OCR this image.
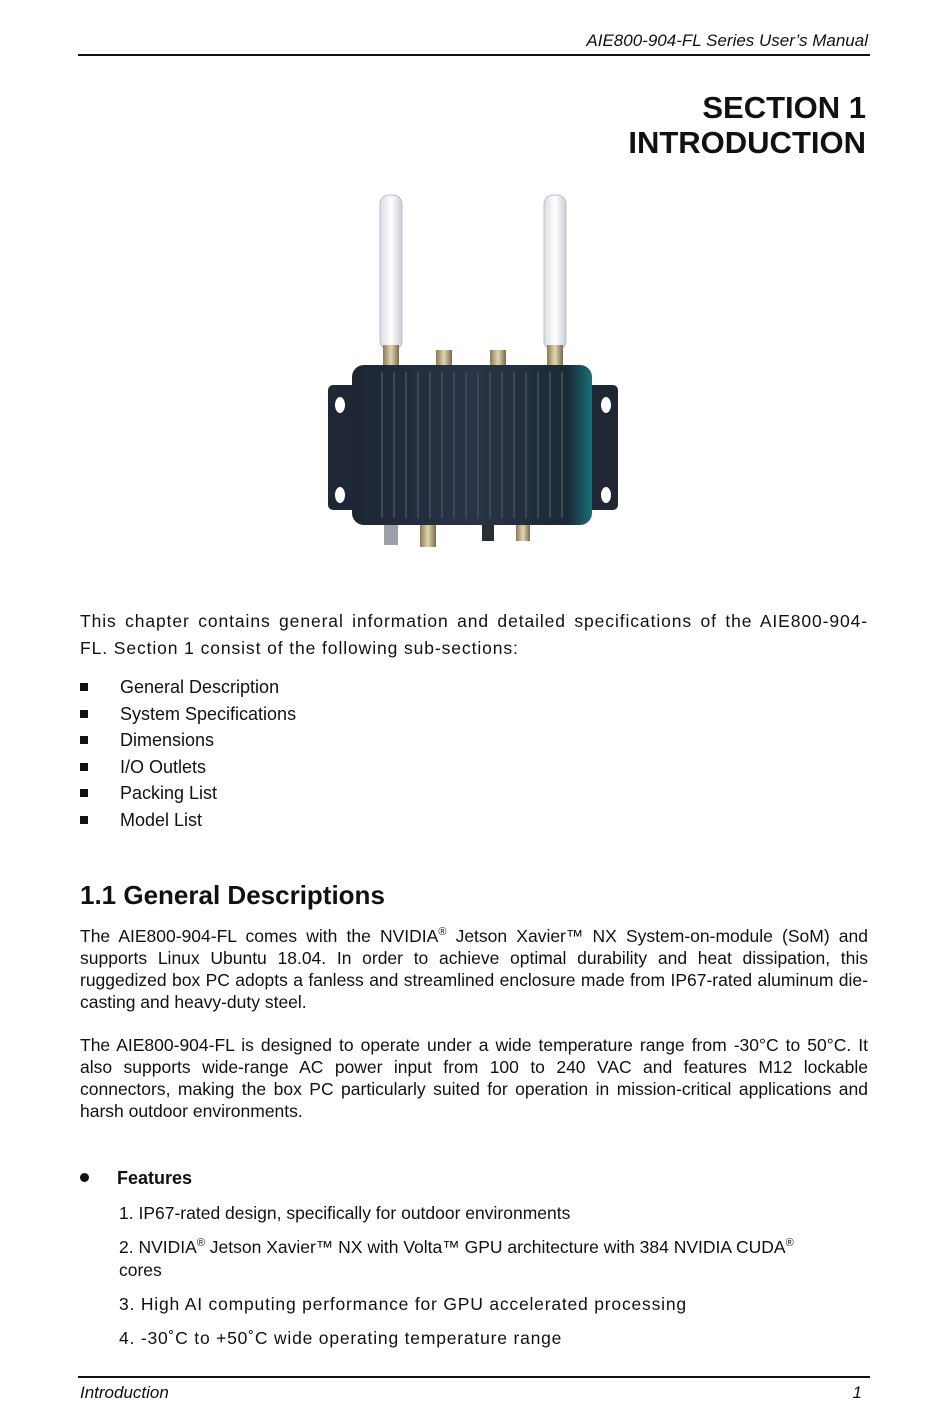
AIE800-904-FL Series User’s Manual
SECTION 1
INTRODUCTION
This chapter contains general information and detailed specifications of the AIE800-904-FL. Section 1 consist of the following sub-sections:
General Description
System Specifications
Dimensions
I/O Outlets
Packing List
Model List
1.1 General Descriptions
The AIE800-904-FL comes with the NVIDIA® Jetson Xavier™ NX System-on-module (SoM) and supports Linux Ubuntu 18.04. In order to achieve optimal durability and heat dissipation, this ruggedized box PC adopts a fanless and streamlined enclosure made from IP67-rated aluminum die-casting and heavy-duty steel.
The AIE800-904-FL is designed to operate under a wide temperature range from -30°C to 50°C. It also supports wide-range AC power input from 100 to 240 VAC and features M12 lockable connectors, making the box PC particularly suited for operation in mission-critical applications and harsh outdoor environments.
Features
1. IP67-rated design, specifically for outdoor environments
2. NVIDIA® Jetson Xavier™ NX with Volta™ GPU architecture with 384 NVIDIA CUDA®
cores
3. High AI computing performance for GPU accelerated processing
4. -30˚C to +50˚C wide operating temperature range
Introduction	1
